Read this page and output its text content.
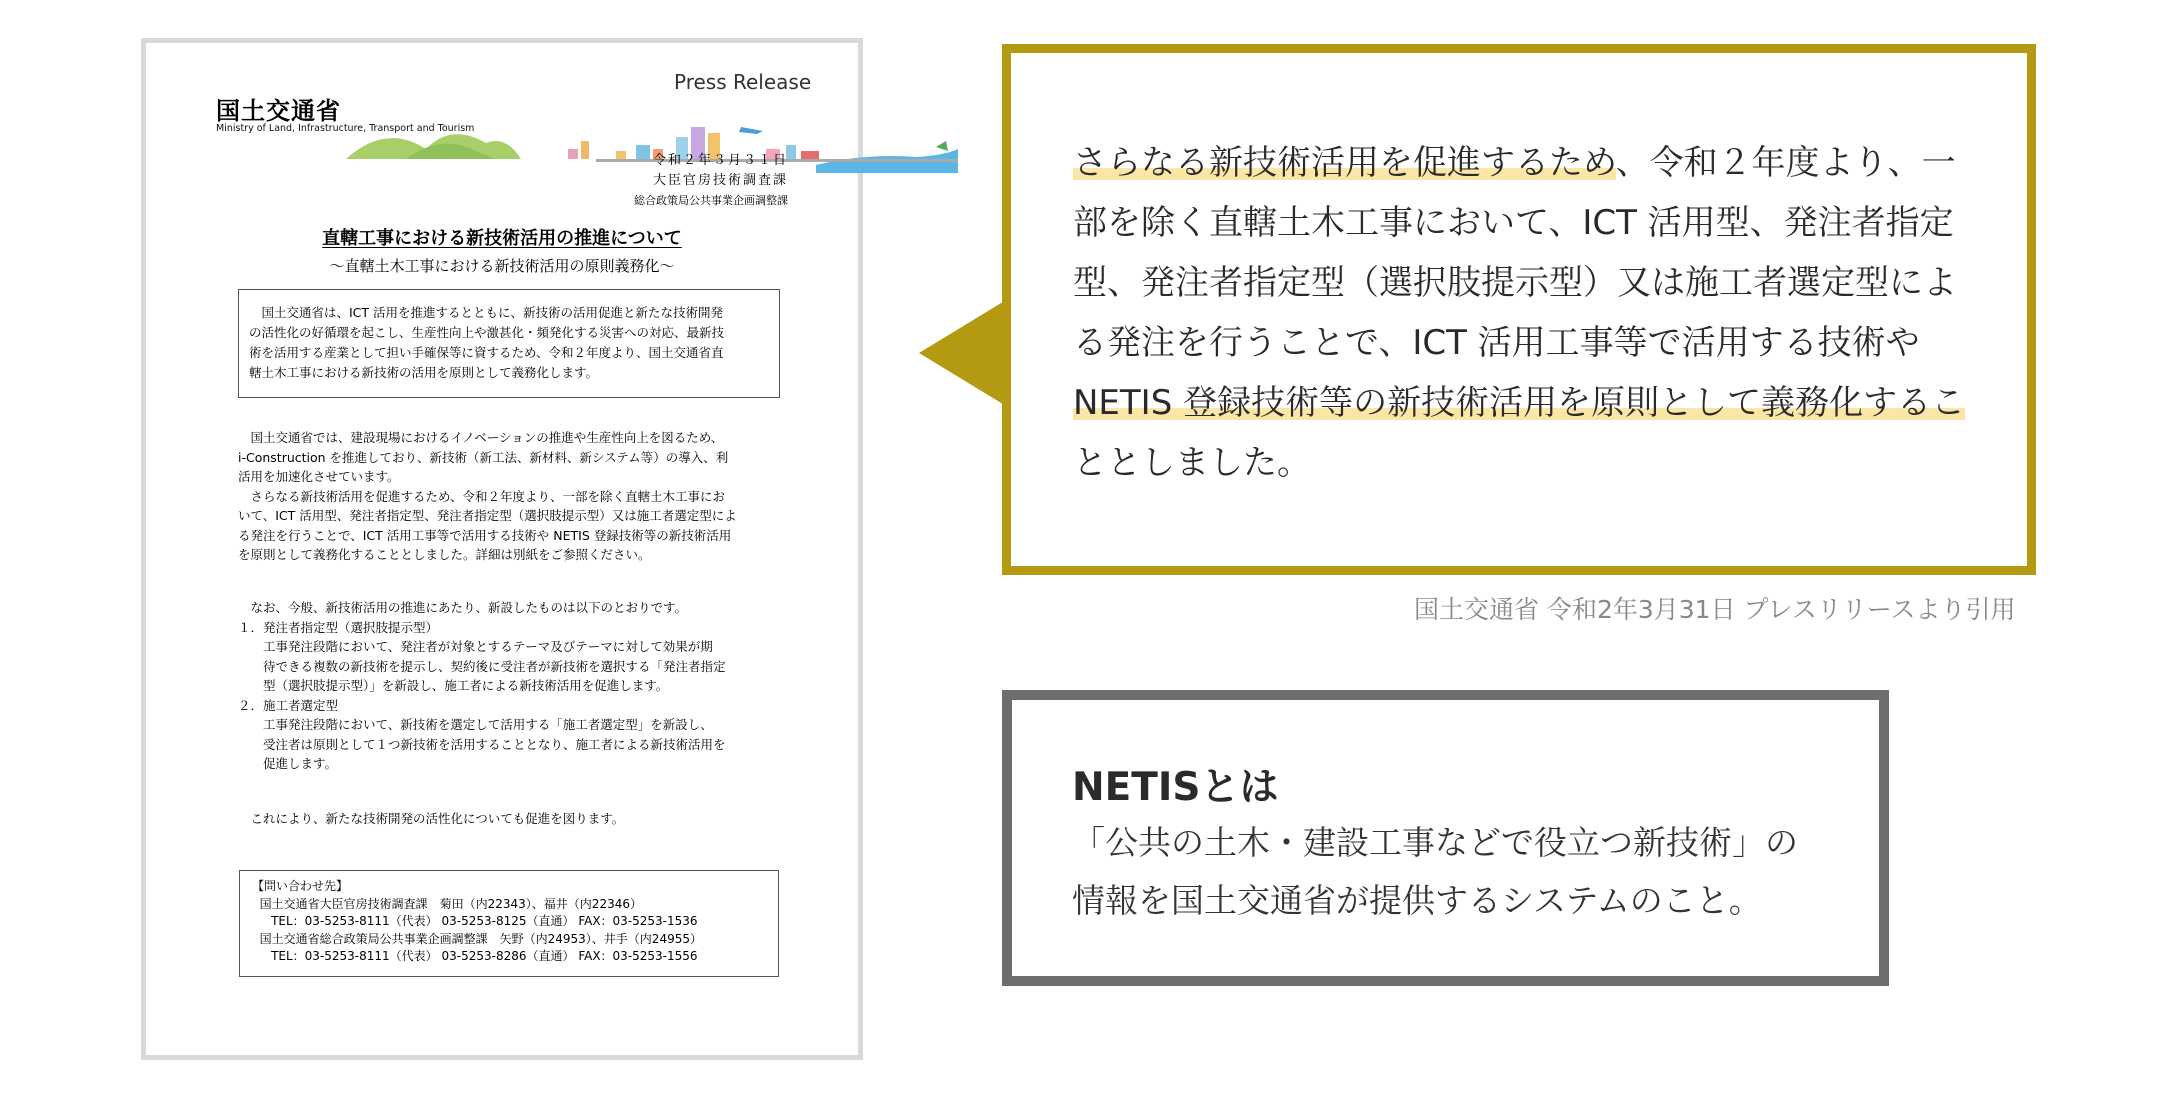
国土交通省
Ministry of Land, Infrastructure, Transport and Tourism
Press Release
令和２年３月３１日
大臣官房技術調査課
総合政策局公共事業企画調整課
直轄工事における新技術活用の推進について
～直轄土木工事における新技術活用の原則義務化～
　国土交通省は、ICT 活用を推進するとともに、新技術の活用促進と新たな技術開発
の活性化の好循環を起こし、生産性向上や激甚化・頻発化する災害への対応、最新技
術を活用する産業として担い手確保等に資するため、令和２年度より、国土交通省直
轄土木工事における新技術の活用を原則として義務化します。
　国土交通省では、建設現場におけるイノベーションの推進や生産性向上を図るため、
i-Construction を推進しており、新技術（新工法、新材料、新システム等）の導入、利
活用を加速化させています。
　さらなる新技術活用を促進するため、令和２年度より、一部を除く直轄土木工事にお
いて、ICT 活用型、発注者指定型、発注者指定型（選択肢提示型）又は施工者選定型によ
る発注を行うことで、ICT 活用工事等で活用する技術や NETIS 登録技術等の新技術活用
を原則として義務化することとしました。詳細は別紙をご参照ください。
　なお、今般、新技術活用の推進にあたり、新設したものは以下のとおりです。
１．発注者指定型（選択肢提示型）
　　工事発注段階において、発注者が対象とするテーマ及びテーマに対して効果が期
　　待できる複数の新技術を提示し、契約後に受注者が新技術を選択する「発注者指定
　　型（選択肢提示型）」を新設し、施工者による新技術活用を促進します。
２．施工者選定型
　　工事発注段階において、新技術を選定して活用する「施工者選定型」を新設し、
　　受注者は原則として１つ新技術を活用することとなり、施工者による新技術活用を
　　促進します。
　これにより、新たな技術開発の活性化についても促進を図ります。
【問い合わせ先】
国土交通省大臣官房技術調査課　菊田（内22343）、福井（内22346）
TEL：03-5253-8111（代表） 03-5253-8125（直通） FAX：03-5253-1536
国土交通省総合政策局公共事業企画調整課　矢野（内24953）、井手（内24955）
TEL：03-5253-8111（代表） 03-5253-8286（直通） FAX：03-5253-1556
さらなる新技術活用を促進するため、令和２年度より、一
部を除く直轄土木工事において、ICT 活用型、発注者指定
型、発注者指定型（選択肢提示型）又は施工者選定型によ
る発注を行うことで、ICT 活用工事等で活用する技術や
NETIS 登録技術等の新技術活用を原則として義務化するこ
ととしました。
国土交通省 令和2年3月31日 プレスリリースより引用
NETISとは
「公共の土木・建設工事などで役立つ新技術」の
情報を国土交通省が提供するシステムのこと。
